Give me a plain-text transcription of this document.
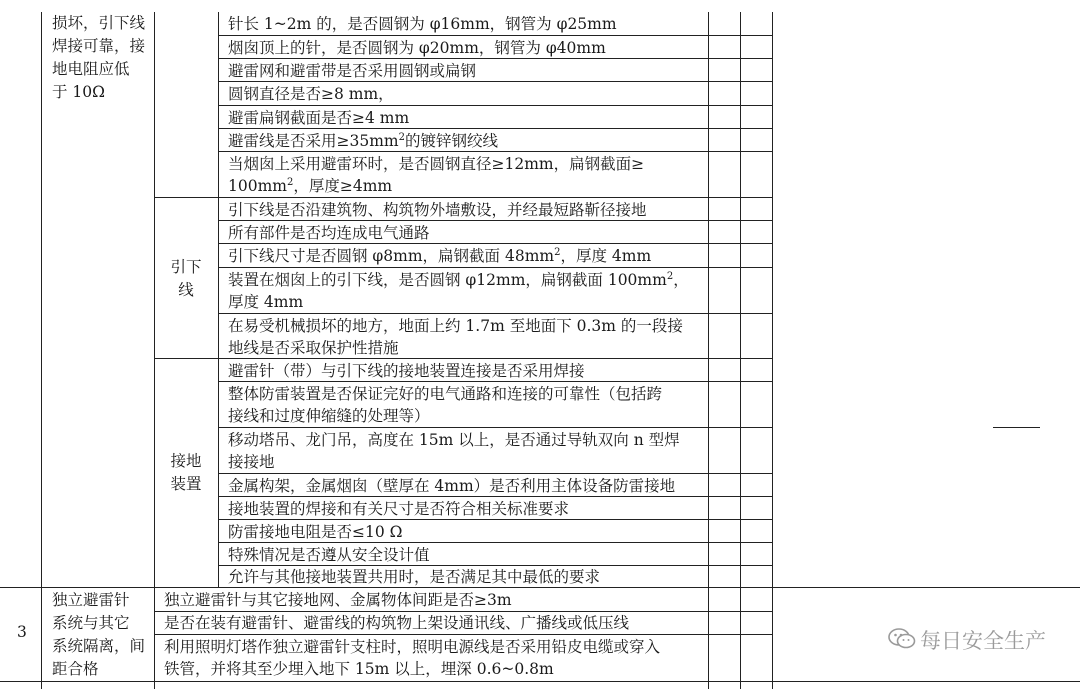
损坏，引下线
焊接可靠，接
地电阻应低
于 10Ω
引下
线
接地
装置
针长 1~2m 的，是否圆钢为 φ16mm，钢管为 φ25mm
烟囱顶上的针，是否圆钢为 φ20mm，钢管为 φ40mm
避雷网和避雷带是否采用圆钢或扁钢
圆钢直径是否≥8 mm，
避雷扁钢截面是否≥4 mm
避雷线是否采用$\ge 35mm^2$的镀锌钢绞线
当烟囱上采用避雷环时，是否圆钢直径≥12mm，扁钢截面≥
$100mm^2$，厚度≥4mm
引下线是否沿建筑物、构筑物外墙敷设，并经最短路靳径接地
所有部件是否均连成电气通路
引下线尺寸是否圆钢 φ8mm，扁钢截面 $48mm^2$，厚度 4mm
装置在烟囱上的引下线，是否圆钢 φ12mm，扁钢截面 $100mm^2$，
厚度 4mm
在易受机械损坏的地方，地面上约 1.7m 至地面下 0.3m 的一段接
地线是否采取保护性措施
避雷针（带）与引下线的接地装置连接是否采用焊接
整体防雷装置是否保证完好的电气通路和连接的可靠性（包括跨
接线和过度伸缩缝的处理等）
移动塔吊、龙门吊，高度在 15m 以上，是否通过导轨双向 n 型焊
接接地
金属构架，金属烟囱（壁厚在 4mm）是否利用主体设备防雷接地
接地装置的焊接和有关尺寸是否符合相关标准要求
防雷接地电阻是否≤10 Ω
特殊情况是否遵从安全设计值
允许与其他接地装置共用时，是否满足其中最低的要求
3
独立避雷针
系统与其它
系统隔离，间
距合格
独立避雷针与其它接地网、金属物体间距是否≥3m
是否在装有避雷针、避雷线的构筑物上架设通讯线、广播线或低压线
利用照明灯塔作独立避雷针支柱时，照明电源线是否采用铅皮电缆或穿入
铁管，并将其至少埋入地下 15m 以上，埋深 0.6~0.8m
每日安全生产
